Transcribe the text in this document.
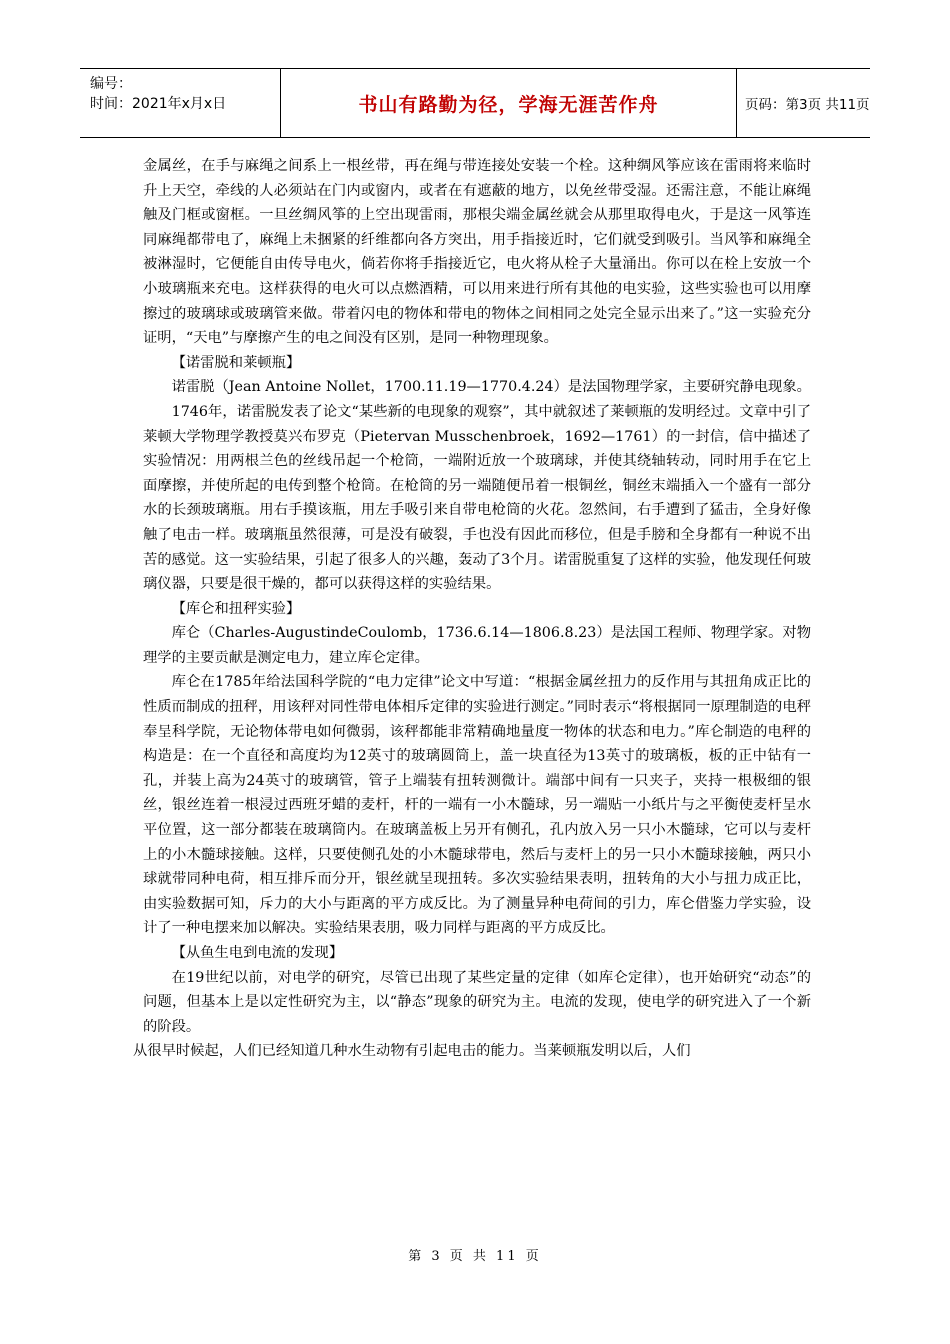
编号：
时间：2021年x月x日	书山有路勤为径，学海无涯苦作舟	页码：第3页 共11页

金属丝，在手与麻绳之间系上一根丝带，再在绳与带连接处安装一个栓。这种绸风筝应该在雷雨将来临时升上天空，牵线的人必须站在门内或窗内，或者在有遮蔽的地方，以免丝带受湿。还需注意，不能让麻绳触及门框或窗框。一旦丝绸风筝的上空出现雷雨，那根尖端金属丝就会从那里取得电火，于是这一风筝连同麻绳都带电了，麻绳上未捆紧的纤维都向各方突出，用手指接近时，它们就受到吸引。当风筝和麻绳全被淋湿时，它便能自由传导电火，倘若你将手指接近它，电火将从栓子大量涌出。你可以在栓上安放一个小玻璃瓶来充电。这样获得的电火可以点燃酒精，可以用来进行所有其他的电实验，这些实验也可以用摩擦过的玻璃球或玻璃管来做。带着闪电的物体和带电的物体之间相同之处完全显示出来了。”这一实验充分证明，“天电”与摩擦产生的电之间没有区别，是同一种物理现象。

【诺雷脱和莱顿瓶】

诺雷脱（Jean Antoine Nollet，1700.11.19—1770.4.24）是法国物理学家，主要研究静电现象。

1746年，诺雷脱发表了论文“某些新的电现象的观察”，其中就叙述了莱顿瓶的发明经过。文章中引了莱顿大学物理学教授莫兴布罗克（Pietervan Musschenbroek，1692—1761）的一封信，信中描述了实验情况：用两根兰色的丝线吊起一个枪筒，一端附近放一个玻璃球，并使其绕轴转动，同时用手在它上面摩擦，并使所起的电传到整个枪筒。在枪筒的另一端随便吊着一根铜丝，铜丝末端插入一个盛有一部分水的长颈玻璃瓶。用右手摸该瓶，用左手吸引来自带电枪筒的火花。忽然间，右手遭到了猛击，全身好像触了电击一样。玻璃瓶虽然很薄，可是没有破裂，手也没有因此而移位，但是手膀和全身都有一种说不出苦的感觉。这一实验结果，引起了很多人的兴趣，轰动了3个月。诺雷脱重复了这样的实验，他发现任何玻璃仪器，只要是很干燥的，都可以获得这样的实验结果。

【库仑和扭秤实验】

库仑（Charles-AugustindeCoulomb，1736.6.14—1806.8.23）是法国工程师、物理学家。对物理学的主要贡献是测定电力，建立库仑定律。

库仑在1785年给法国科学院的“电力定律”论文中写道：“根据金属丝扭力的反作用与其扭角成正比的性质而制成的扭秤，用该秤对同性带电体相斥定律的实验进行测定。”同时表示“将根据同一原理制造的电秤奉呈科学院，无论物体带电如何微弱，该秤都能非常精确地量度一物体的状态和电力。”库仑制造的电秤的构造是：在一个直径和高度均为12英寸的玻璃圆筒上，盖一块直径为13英寸的玻璃板，板的正中钻有一孔，并装上高为24英寸的玻璃管，管子上端装有扭转测微计。端部中间有一只夹子，夹持一根极细的银丝，银丝连着一根浸过西班牙蜡的麦杆，杆的一端有一小木髓球，另一端贴一小纸片与之平衡使麦杆呈水平位置，这一部分都装在玻璃筒内。在玻璃盖板上另开有侧孔，孔内放入另一只小木髓球，它可以与麦杆上的小木髓球接触。这样，只要使侧孔处的小木髓球带电，然后与麦杆上的另一只小木髓球接触，两只小球就带同种电荷，相互排斥而分开，银丝就呈现扭转。多次实验结果表明，扭转角的大小与扭力成正比，由实验数据可知，斥力的大小与距离的平方成反比。为了测量异种电荷间的引力，库仑借鉴力学实验，设计了一种电摆来加以解决。实验结果表朋，吸力同样与距离的平方成反比。

【从鱼生电到电流的发现】

在19世纪以前，对电学的研究，尽管已出现了某些定量的定律（如库仑定律），也开始研究“动态”的问题，但基本上是以定性研究为主，以“静态”现象的研究为主。电流的发现，使电学的研究进入了一个新的阶段。

从很早时候起，人们已经知道几种水生动物有引起电击的能力。当莱顿瓶发明以后，人们

第 3 页 共 11 页
